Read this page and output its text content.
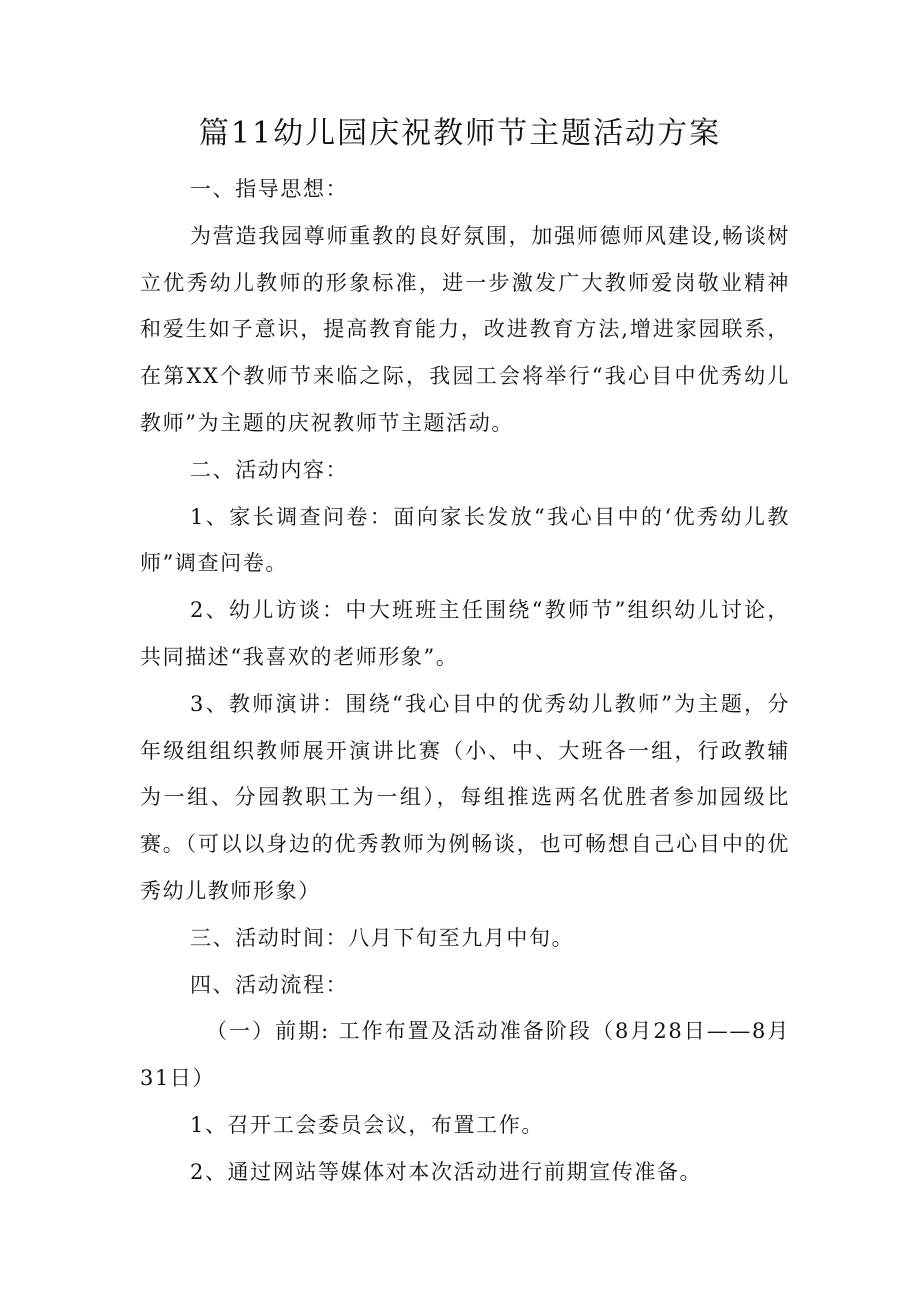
篇11幼儿园庆祝教师节主题活动方案

一、指导思想：

为营造我园尊师重教的良好氛围，加强师德师风建设,畅谈树立优秀幼儿教师的形象标准，进一步激发广大教师爱岗敬业精神和爱生如子意识，提高教育能力，改进教育方法,增进家园联系，在第XX个教师节来临之际，我园工会将举行“我心目中优秀幼儿教师”为主题的庆祝教师节主题活动。

二、活动内容：

1、家长调查问卷：面向家长发放“我心目中的‘优秀幼儿教师”调查问卷。

2、幼儿访谈：中大班班主任围绕“教师节”组织幼儿讨论，共同描述“我喜欢的老师形象”。

3、教师演讲：围绕“我心目中的优秀幼儿教师”为主题，分年级组组织教师展开演讲比赛（小、中、大班各一组，行政教辅为一组、分园教职工为一组），每组推选两名优胜者参加园级比赛。（可以以身边的优秀教师为例畅谈，也可畅想自己心目中的优秀幼儿教师形象）

三、活动时间：八月下旬至九月中旬。

四、活动流程：

（一）前期: 工作布置及活动准备阶段（8月28日——8月31日）

1、召开工会委员会议，布置工作。

2、通过网站等媒体对本次活动进行前期宣传准备。
